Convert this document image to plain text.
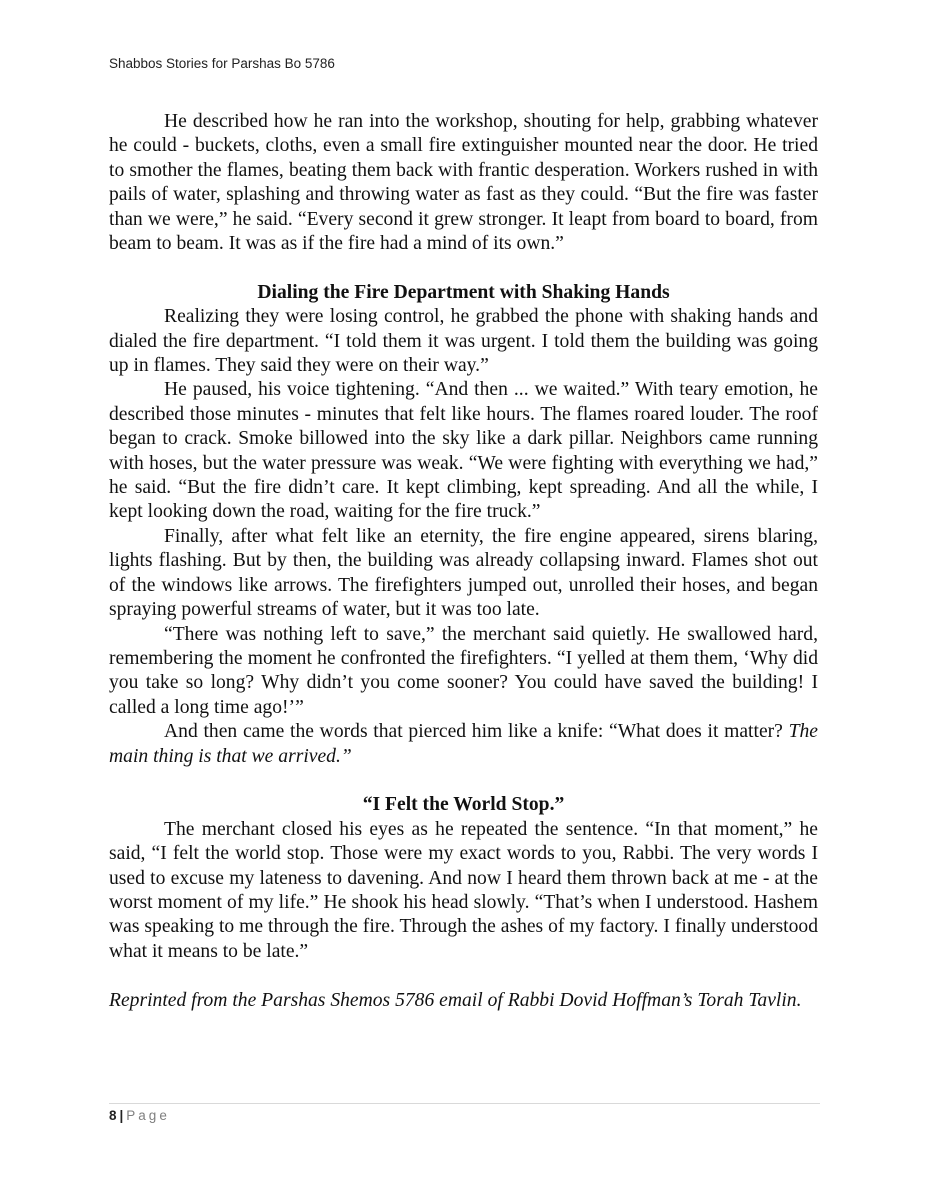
Shabbos Stories for Parshas Bo 5786

He described how he ran into the workshop, shouting for help, grabbing whatever he could - buckets, cloths, even a small fire extinguisher mounted near the door. He tried to smother the flames, beating them back with frantic desperation. Workers rushed in with pails of water, splashing and throwing water as fast as they could. “But the fire was faster than we were,” he said. “Every second it grew stronger. It leapt from board to board, from beam to beam. It was as if the fire had a mind of its own.”

Dialing the Fire Department with Shaking Hands

Realizing they were losing control, he grabbed the phone with shaking hands and dialed the fire department. “I told them it was urgent. I told them the building was going up in flames. They said they were on their way.”

He paused, his voice tightening. “And then ... we waited.” With teary emotion, he described those minutes - minutes that felt like hours. The flames roared louder. The roof began to crack. Smoke billowed into the sky like a dark pillar. Neighbors came running with hoses, but the water pressure was weak. “We were fighting with everything we had,” he said. “But the fire didn’t care. It kept climbing, kept spreading. And all the while, I kept looking down the road, waiting for the fire truck.”

Finally, after what felt like an eternity, the fire engine appeared, sirens blaring, lights flashing. But by then, the building was already collapsing inward. Flames shot out of the windows like arrows. The firefighters jumped out, unrolled their hoses, and began spraying powerful streams of water, but it was too late.

“There was nothing left to save,” the merchant said quietly. He swallowed hard, remembering the moment he confronted the firefighters. “I yelled at them them, ‘Why did you take so long? Why didn’t you come sooner? You could have saved the building! I called a long time ago!’”

And then came the words that pierced him like a knife: “What does it matter? The main thing is that we arrived.”

“I Felt the World Stop.”

The merchant closed his eyes as he repeated the sentence. “In that moment,” he said, “I felt the world stop. Those were my exact words to you, Rabbi. The very words I used to excuse my lateness to davening. And now I heard them thrown back at me - at the worst moment of my life.” He shook his head slowly. “That’s when I understood. Hashem was speaking to me through the fire. Through the ashes of my factory. I finally understood what it means to be late.”

Reprinted from the Parshas Shemos 5786 email of Rabbi Dovid Hoffman’s Torah Tavlin.

8 | Page
